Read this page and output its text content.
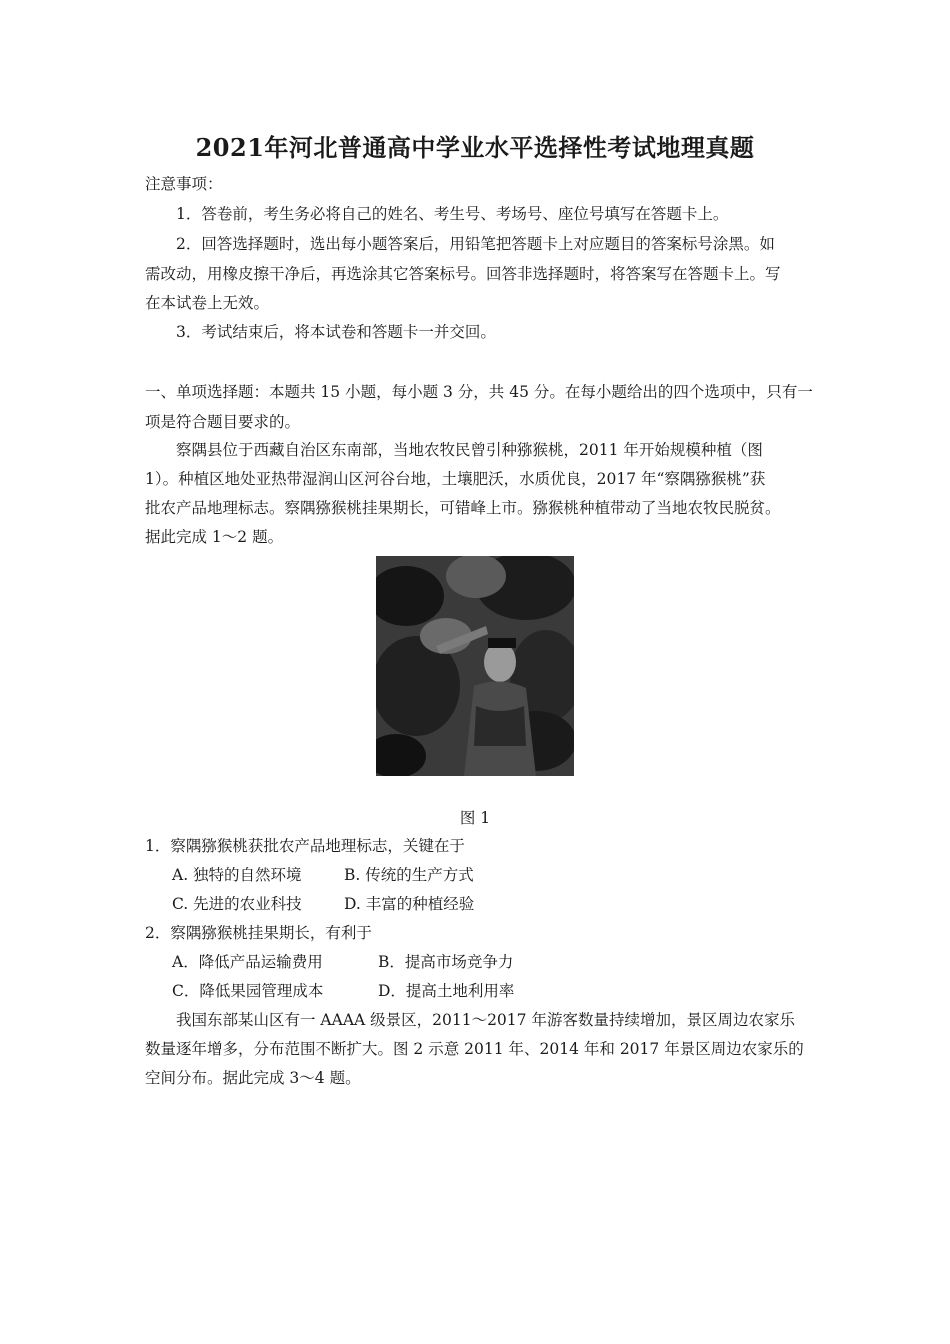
2021年河北普通高中学业水平选择性考试地理真题
注意事项：
1．答卷前，考生务必将自己的姓名、考生号、考场号、座位号填写在答题卡上。
2．回答选择题时，选出每小题答案后，用铅笔把答题卡上对应题目的答案标号涂黑。如
需改动，用橡皮擦干净后，再选涂其它答案标号。回答非选择题时，将答案写在答题卡上。写
在本试卷上无效。
3．考试结束后，将本试卷和答题卡一并交回。
一、单项选择题：本题共 15 小题，每小题 3 分，共 45 分。在每小题给出的四个选项中，只有一
项是符合题目要求的。
察隅县位于西藏自治区东南部，当地农牧民曾引种猕猴桃，2011 年开始规模种植（图
1）。种植区地处亚热带湿润山区河谷台地，土壤肥沃，水质优良，2017 年“察隅猕猴桃”获
批农产品地理标志。察隅猕猴桃挂果期长，可错峰上市。猕猴桃种植带动了当地农牧民脱贫。
据此完成 1～2 题。
图 1
1．察隅猕猴桃获批农产品地理标志，关键在于
A. 独特的自然环境	B. 传统的生产方式
C. 先进的农业科技	D. 丰富的种植经验
2．察隅猕猴桃挂果期长，有利于
A．降低产品运输费用	B．提高市场竞争力
C．降低果园管理成本	D．提高土地利用率
我国东部某山区有一 AAAA 级景区，2011～2017 年游客数量持续增加，景区周边农家乐
数量逐年增多，分布范围不断扩大。图 2 示意 2011 年、2014 年和 2017 年景区周边农家乐的
空间分布。据此完成 3～4 题。
